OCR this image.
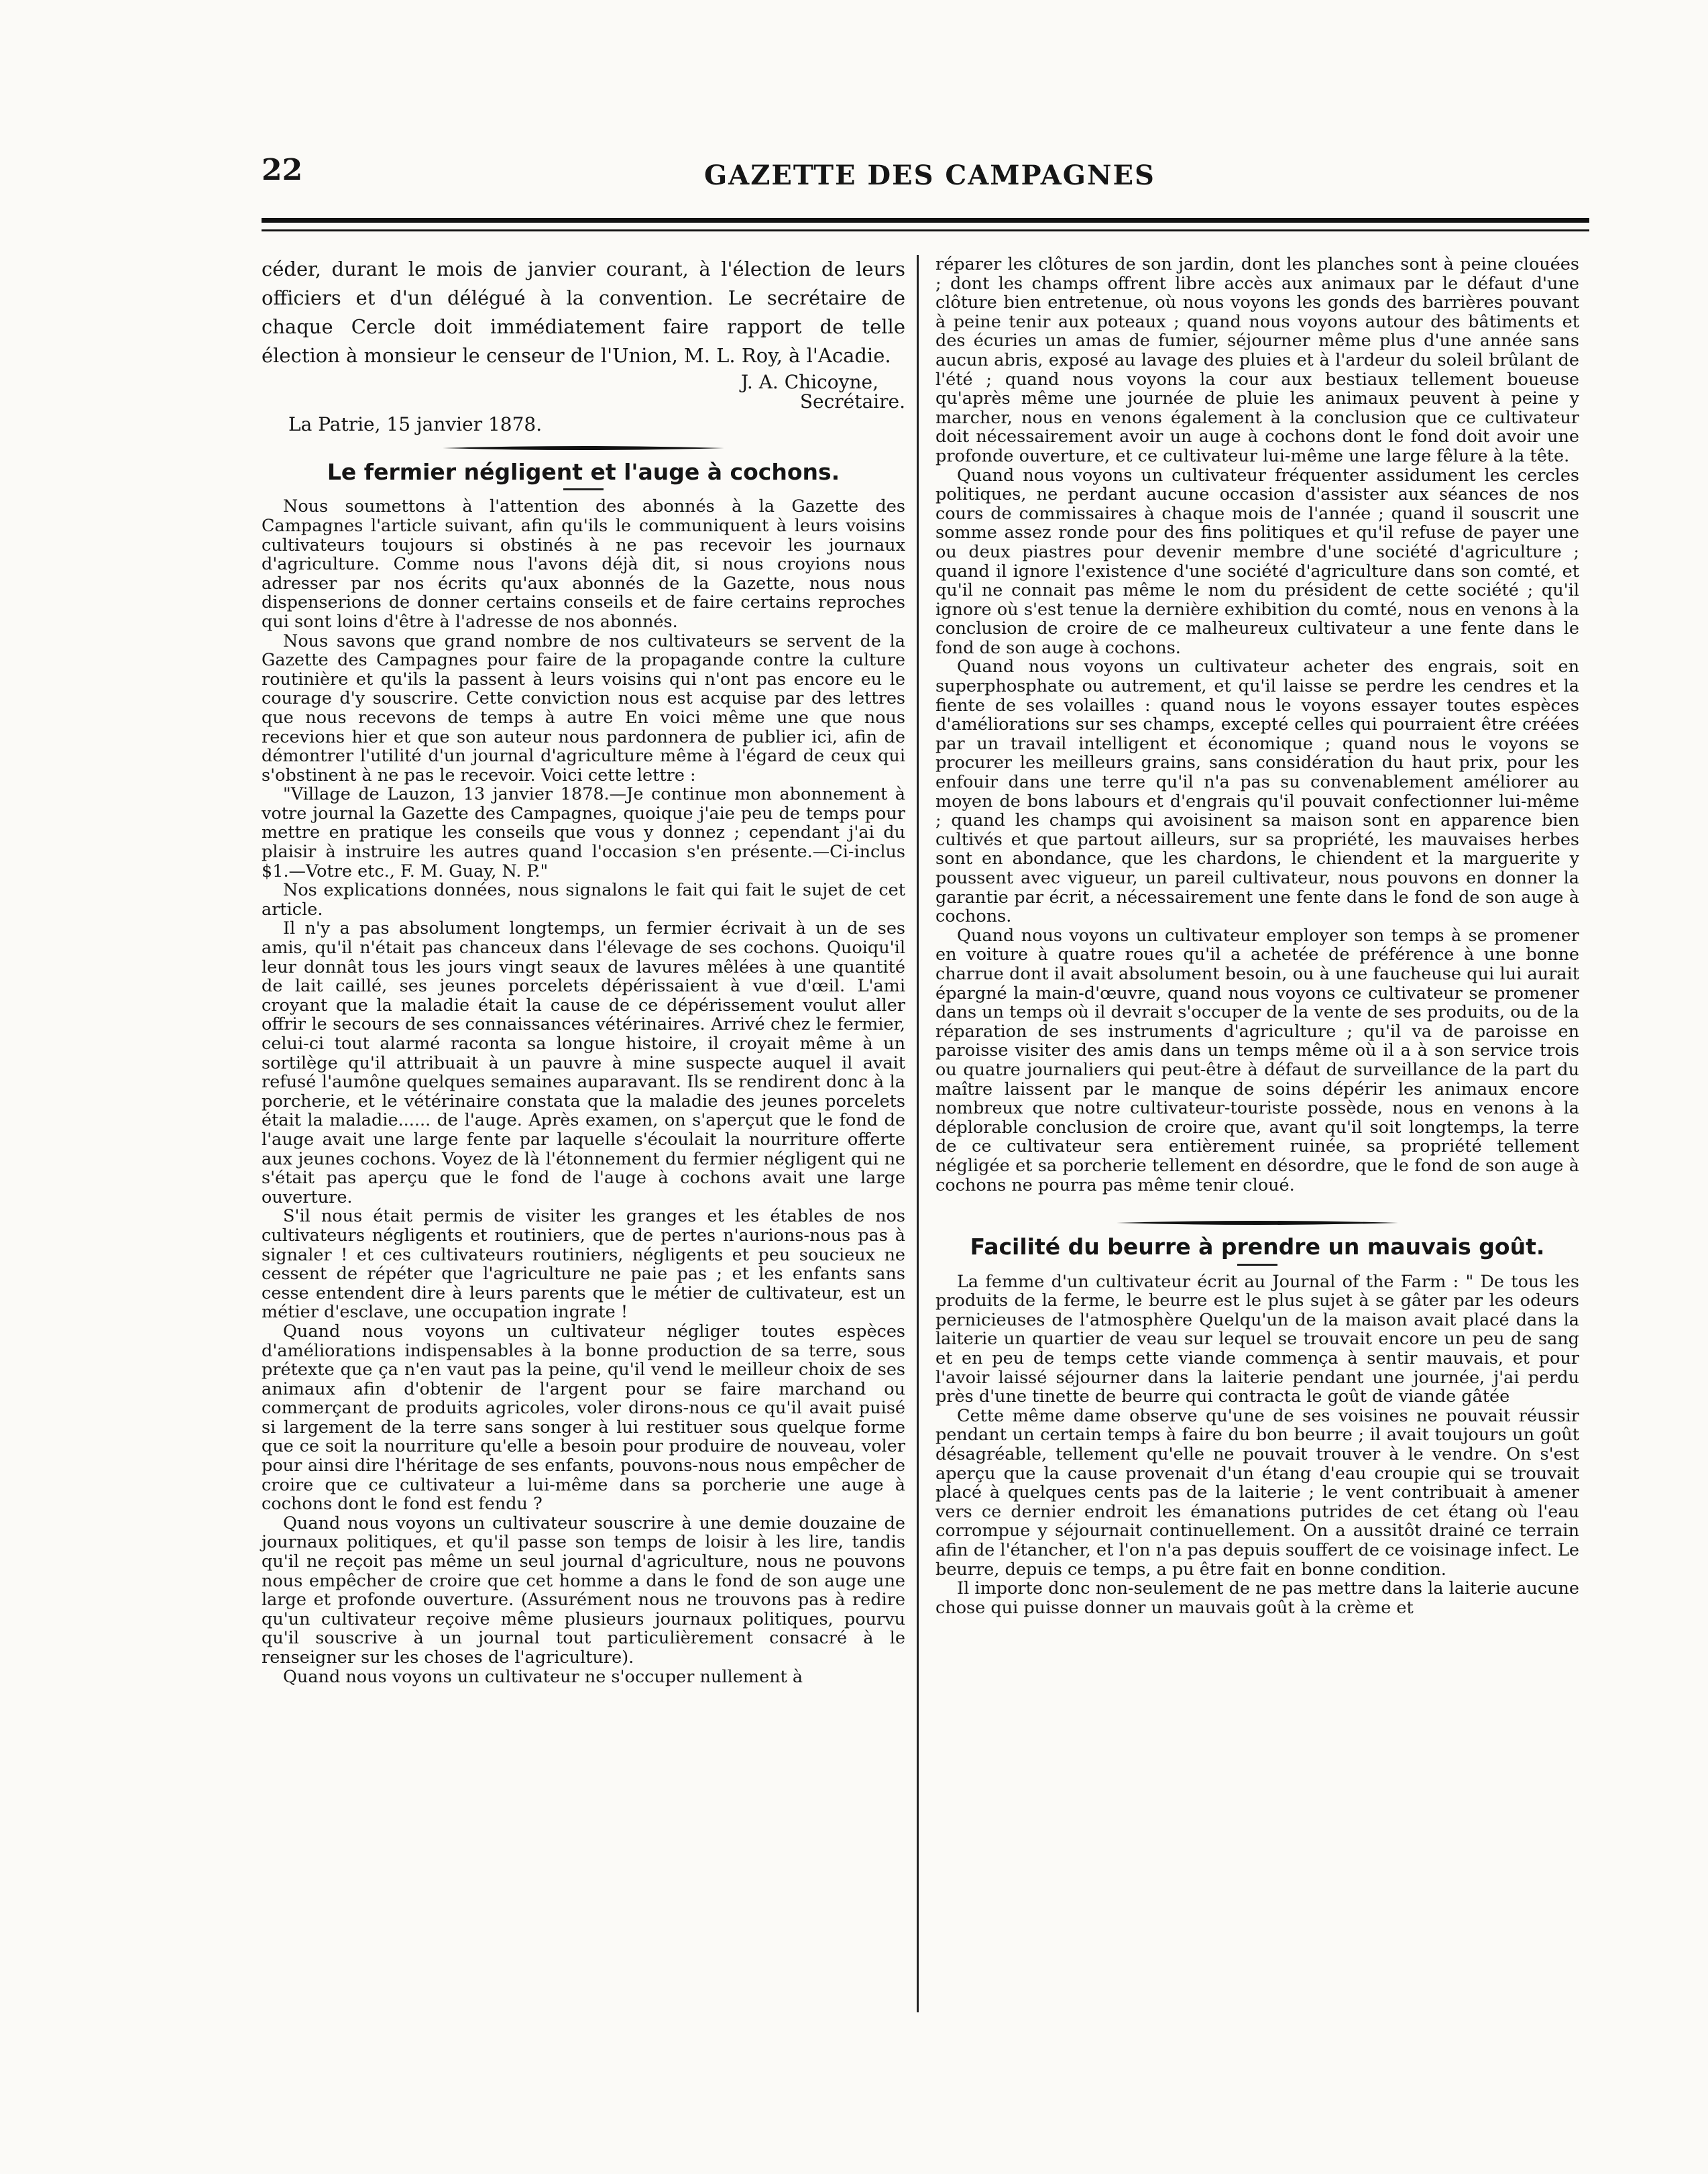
22	GAZETTE DES CAMPAGNES

céder, durant le mois de janvier courant, à l'élection de leurs officiers et d'un délégué à la convention. Le secrétaire de chaque Cercle doit immédiatement faire rapport de telle élection à monsieur le censeur de l'Union, M. L. Roy, à l'Acadie.

J. A. Chicoyne,
Secrétaire.
La Patrie, 15 janvier 1878.
Le fermier négligent et l'auge à cochons.

Nous soumettons à l'attention des abonnés à la Gazette des Campagnes l'article suivant, afin qu'ils le communiquent à leurs voisins cultivateurs toujours si obstinés à ne pas recevoir les journaux d'agriculture. Comme nous l'avons déjà dit, si nous croyions nous adresser par nos écrits qu'aux abonnés de la Gazette, nous nous dispenserions de donner certains conseils et de faire certains reproches qui sont loins d'être à l'adresse de nos abonnés.

Nous savons que grand nombre de nos cultivateurs se servent de la Gazette des Campagnes pour faire de la propagande contre la culture routinière et qu'ils la passent à leurs voisins qui n'ont pas encore eu le courage d'y souscrire. Cette conviction nous est acquise par des lettres que nous recevons de temps à autre En voici même une que nous recevions hier et que son auteur nous pardonnera de publier ici, afin de démontrer l'utilité d'un journal d'agriculture même à l'égard de ceux qui s'obstinent à ne pas le recevoir. Voici cette lettre :

"Village de Lauzon, 13 janvier 1878.—Je continue mon abonnement à votre journal la Gazette des Campagnes, quoique j'aie peu de temps pour mettre en pratique les conseils que vous y donnez ; cependant j'ai du plaisir à instruire les autres quand l'occasion s'en présente.—Ci-inclus $1.—Votre etc., F. M. Guay, N. P."

Nos explications données, nous signalons le fait qui fait le sujet de cet article.

Il n'y a pas absolument longtemps, un fermier écrivait à un de ses amis, qu'il n'était pas chanceux dans l'élevage de ses cochons. Quoiqu'il leur donnât tous les jours vingt seaux de lavures mêlées à une quantité de lait caillé, ses jeunes porcelets dépérissaient à vue d'œil. L'ami croyant que la maladie était la cause de ce dépérissement voulut aller offrir le secours de ses connaissances vétérinaires. Arrivé chez le fermier, celui-ci tout alarmé raconta sa longue histoire, il croyait même à un sortilège qu'il attribuait à un pauvre à mine suspecte auquel il avait refusé l'aumône quelques semaines auparavant. Ils se rendirent donc à la porcherie, et le vétérinaire constata que la maladie des jeunes porcelets était la maladie...... de l'auge. Après examen, on s'aperçut que le fond de l'auge avait une large fente par laquelle s'écoulait la nourriture offerte aux jeunes cochons. Voyez de là l'étonnement du fermier négligent qui ne s'était pas aperçu que le fond de l'auge à cochons avait une large ouverture.

S'il nous était permis de visiter les granges et les étables de nos cultivateurs négligents et routiniers, que de pertes n'aurions-nous pas à signaler ! et ces cultivateurs routiniers, négligents et peu soucieux ne cessent de répéter que l'agriculture ne paie pas ; et les enfants sans cesse entendent dire à leurs parents que le métier de cultivateur, est un métier d'esclave, une occupation ingrate !

Quand nous voyons un cultivateur négliger toutes espèces d'améliorations indispensables à la bonne production de sa terre, sous prétexte que ça n'en vaut pas la peine, qu'il vend le meilleur choix de ses animaux afin d'obtenir de l'argent pour se faire marchand ou commerçant de produits agricoles, voler dirons-nous ce qu'il avait puisé si largement de la terre sans songer à lui restituer sous quelque forme que ce soit la nourriture qu'elle a besoin pour produire de nouveau, voler pour ainsi dire l'héritage de ses enfants, pouvons-nous nous empêcher de croire que ce cultivateur a lui-même dans sa porcherie une auge à cochons dont le fond est fendu ?

Quand nous voyons un cultivateur souscrire à une demie douzaine de journaux politiques, et qu'il passe son temps de loisir à les lire, tandis qu'il ne reçoit pas même un seul journal d'agriculture, nous ne pouvons nous empêcher de croire que cet homme a dans le fond de son auge une large et profonde ouverture. (Assurément nous ne trouvons pas à redire qu'un cultivateur reçoive même plusieurs journaux politiques, pourvu qu'il souscrive à un journal tout particulièrement consacré à le renseigner sur les choses de l'agriculture).

Quand nous voyons un cultivateur ne s'occuper nullement à

réparer les clôtures de son jardin, dont les planches sont à peine clouées ; dont les champs offrent libre accès aux animaux par le défaut d'une clôture bien entretenue, où nous voyons les gonds des barrières pouvant à peine tenir aux poteaux ; quand nous voyons autour des bâtiments et des écuries un amas de fumier, séjourner même plus d'une année sans aucun abris, exposé au lavage des pluies et à l'ardeur du soleil brûlant de l'été ; quand nous voyons la cour aux bestiaux tellement boueuse qu'après même une journée de pluie les animaux peuvent à peine y marcher, nous en venons également à la conclusion que ce cultivateur doit nécessairement avoir un auge à cochons dont le fond doit avoir une profonde ouverture, et ce cultivateur lui-même une large fêlure à la tête.

Quand nous voyons un cultivateur fréquenter assidument les cercles politiques, ne perdant aucune occasion d'assister aux séances de nos cours de commissaires à chaque mois de l'année ; quand il souscrit une somme assez ronde pour des fins politiques et qu'il refuse de payer une ou deux piastres pour devenir membre d'une société d'agriculture ; quand il ignore l'existence d'une société d'agriculture dans son comté, et qu'il ne connait pas même le nom du président de cette société ; qu'il ignore où s'est tenue la dernière exhibition du comté, nous en venons à la conclusion de croire de ce malheureux cultivateur a une fente dans le fond de son auge à cochons.

Quand nous voyons un cultivateur acheter des engrais, soit en superphosphate ou autrement, et qu'il laisse se perdre les cendres et la fiente de ses volailles : quand nous le voyons essayer toutes espèces d'améliorations sur ses champs, excepté celles qui pourraient être créées par un travail intelligent et économique ; quand nous le voyons se procurer les meilleurs grains, sans considération du haut prix, pour les enfouir dans une terre qu'il n'a pas su convenablement améliorer au moyen de bons labours et d'engrais qu'il pouvait confectionner lui-même ; quand les champs qui avoisinent sa maison sont en apparence bien cultivés et que partout ailleurs, sur sa propriété, les mauvaises herbes sont en abondance, que les chardons, le chiendent et la marguerite y poussent avec vigueur, un pareil cultivateur, nous pouvons en donner la garantie par écrit, a nécessairement une fente dans le fond de son auge à cochons.

Quand nous voyons un cultivateur employer son temps à se promener en voiture à quatre roues qu'il a achetée de préférence à une bonne charrue dont il avait absolument besoin, ou à une faucheuse qui lui aurait épargné la main-d'œuvre, quand nous voyons ce cultivateur se promener dans un temps où il devrait s'occuper de la vente de ses produits, ou de la réparation de ses instruments d'agriculture ; qu'il va de paroisse en paroisse visiter des amis dans un temps même où il a à son service trois ou quatre journaliers qui peut-être à défaut de surveillance de la part du maître laissent par le manque de soins dépérir les animaux encore nombreux que notre cultivateur-touriste possède, nous en venons à la déplorable conclusion de croire que, avant qu'il soit longtemps, la terre de ce cultivateur sera entièrement ruinée, sa propriété tellement négligée et sa porcherie tellement en désordre, que le fond de son auge à cochons ne pourra pas même tenir cloué.

Facilité du beurre à prendre un mauvais goût.

La femme d'un cultivateur écrit au Journal of the Farm : " De tous les produits de la ferme, le beurre est le plus sujet à se gâter par les odeurs pernicieuses de l'atmosphère Quelqu'un de la maison avait placé dans la laiterie un quartier de veau sur lequel se trouvait encore un peu de sang et en peu de temps cette viande commença à sentir mauvais, et pour l'avoir laissé séjourner dans la laiterie pendant une journée, j'ai perdu près d'une tinette de beurre qui contracta le goût de viande gâtée

Cette même dame observe qu'une de ses voisines ne pouvait réussir pendant un certain temps à faire du bon beurre ; il avait toujours un goût désagréable, tellement qu'elle ne pouvait trouver à le vendre. On s'est aperçu que la cause provenait d'un étang d'eau croupie qui se trouvait placé à quelques cents pas de la laiterie ; le vent contribuait à amener vers ce dernier endroit les émanations putrides de cet étang où l'eau corrompue y séjournait continuellement. On a aussitôt drainé ce terrain afin de l'étancher, et l'on n'a pas depuis souffert de ce voisinage infect. Le beurre, depuis ce temps, a pu être fait en bonne condition.

Il importe donc non-seulement de ne pas mettre dans la laiterie aucune chose qui puisse donner un mauvais goût à la crème et
